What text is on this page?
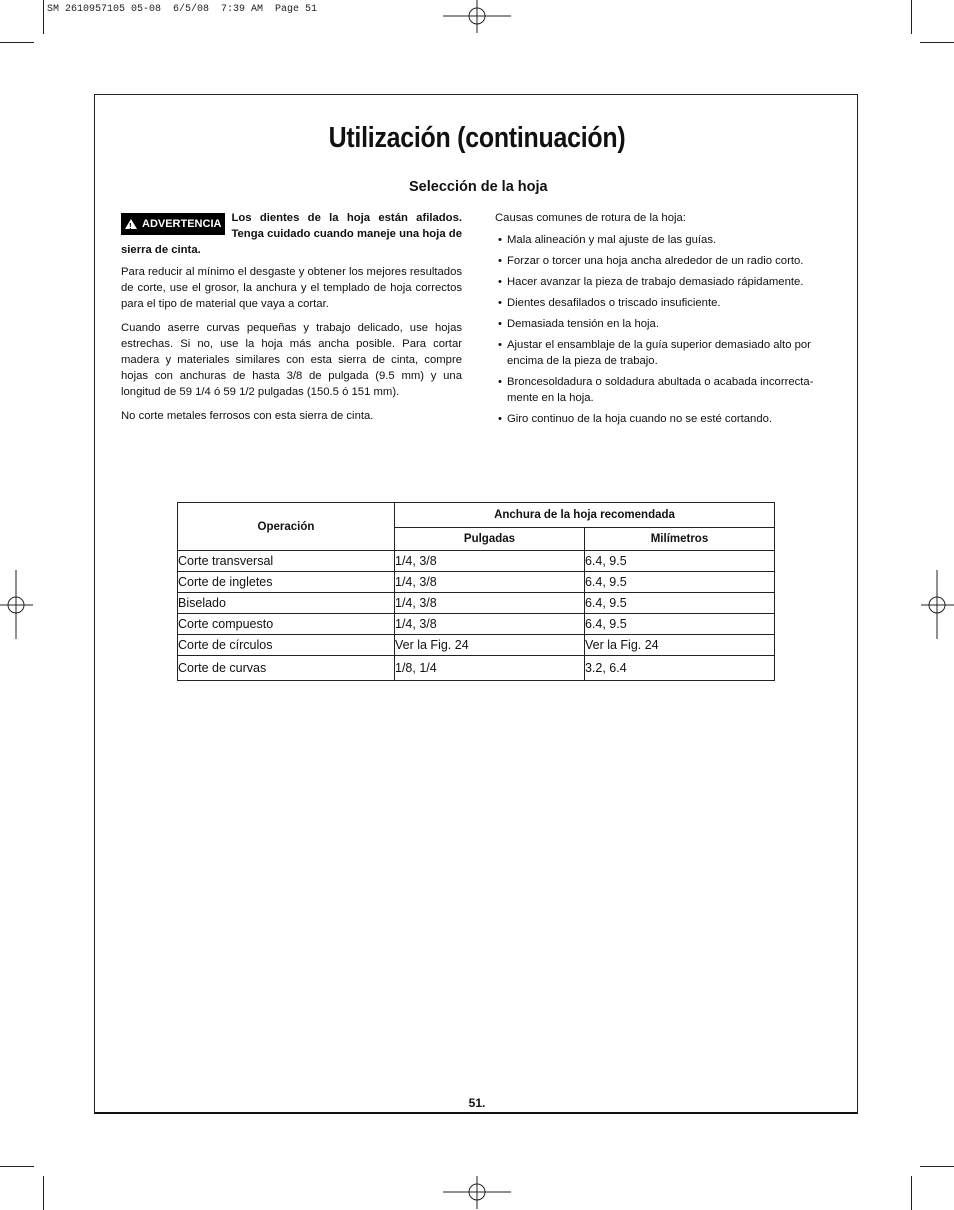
SM 2610957105 05-08  6/5/08  7:39 AM  Page 51
Utilización (continuación)
Selección de la hoja
!
ADVERTENCIA Los dientes de la hoja están afilados. Tenga cuidado cuando maneje una hoja de sierra de cinta.

Para reducir al mínimo el desgaste y obtener los mejores resultados de corte, use el grosor, la anchura y el templado de hoja correctos para el tipo de material que vaya a cortar.

Cuando aserre curvas pequeñas y trabajo delicado, use hojas estrechas. Si no, use la hoja más ancha posible. Para cortar madera y materiales similares con esta sierra de cinta, compre hojas con anchuras de hasta 3/8 de pulgada (9.5 mm) y una longitud de 59 1/4 ó 59 1/2 pulgadas (150.5 ó 151 mm).

No corte metales ferrosos con esta sierra de cinta.

Causas comunes de rotura de la hoja:

• Mala alineación y mal ajuste de las guías.
• Forzar o torcer una hoja ancha alrededor de un radio corto.
• Hacer avanzar la pieza de trabajo demasiado rápidamente.
• Dientes desafilados o triscado insuficiente.
• Demasiada tensión en la hoja.
• Ajustar el ensamblaje de la guía superior demasiado alto por encima de la pieza de trabajo.
• Broncesoldadura o soldadura abultada o acabada incorrecta-mente en la hoja.
• Giro continuo de la hoja cuando no se esté cortando.
Operación	Anchura de la hoja recomendada	
	Pulgadas	Milímetros
Corte transversal	1/4, 3/8	6.4, 9.5
Corte de ingletes	1/4, 3/8	6.4, 9.5
Biselado	1/4, 3/8	6.4, 9.5
Corte compuesto	1/4, 3/8	6.4, 9.5
Corte de círculos	Ver la Fig. 24	Ver la Fig. 24
Corte de curvas	1/8, 1/4	3.2, 6.4
51.
